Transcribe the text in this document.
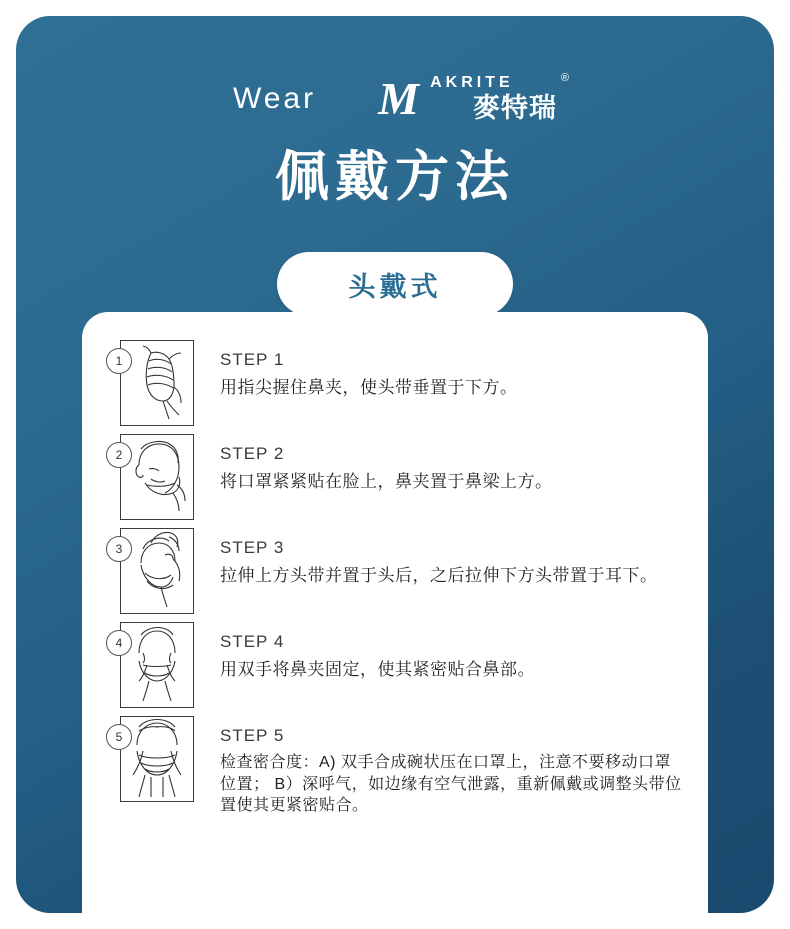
Wear M AKRITE
麥特瑞
®
佩戴方法
头戴式
1	STEP 1
用指尖握住鼻夹，使头带垂置于下方。
2	STEP 2
将口罩紧紧贴在脸上，鼻夹置于鼻梁上方。
3	STEP 3
拉伸上方头带并置于头后，之后拉伸下方头带置于耳下。
4	STEP 4
用双手将鼻夹固定，使其紧密贴合鼻部。
5	STEP 5
检查密合度：A) 双手合成碗状压在口罩上，注意不要移动口罩位置； B）深呼气，如边缘有空气泄露，重新佩戴或调整头带位置使其更紧密贴合。
